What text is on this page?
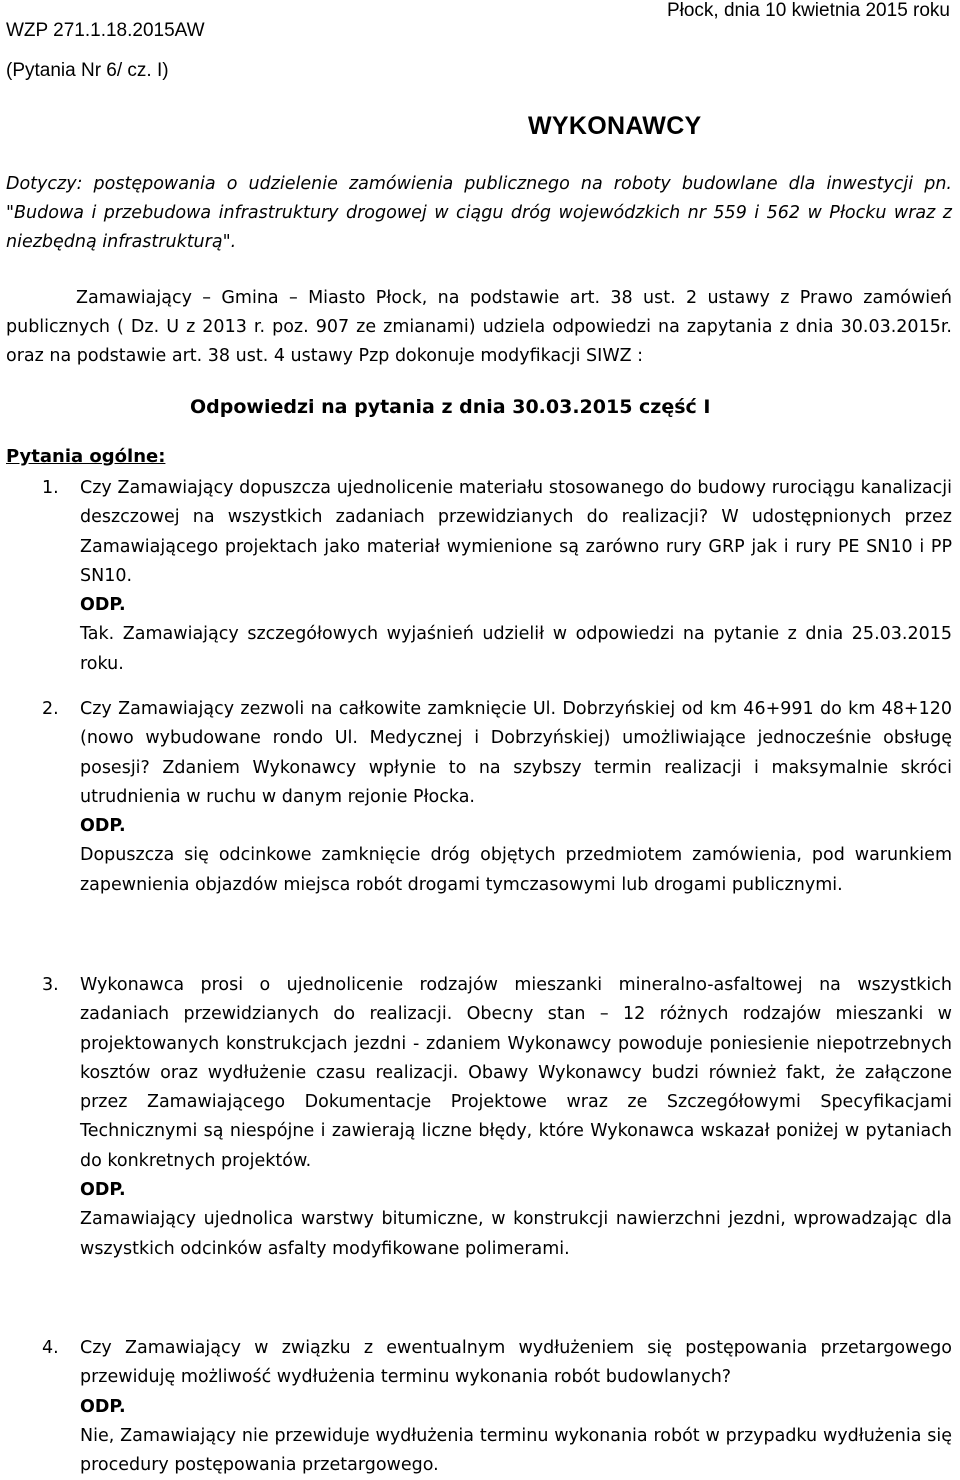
WZP 271.1.18.2015AW
(Pytania Nr 6/ cz. I)
Płock, dnia 10 kwietnia 2015 roku
WYKONAWCY
Dotyczy: postępowania o udzielenie zamówienia publicznego na roboty budowlane dla inwestycji pn. "Budowa i przebudowa infrastruktury drogowej w ciągu dróg wojewódzkich nr 559 i 562 w Płocku wraz z niezbędną infrastrukturą".
Zamawiający – Gmina – Miasto Płock, na podstawie art. 38 ust. 2 ustawy z Prawo zamówień publicznych ( Dz. U z 2013 r. poz. 907 ze zmianami) udziela odpowiedzi na zapytania z dnia 30.03.2015r. oraz na podstawie art. 38 ust. 4 ustawy Pzp dokonuje modyfikacji SIWZ :
Odpowiedzi na pytania z dnia 30.03.2015 część I
Pytania ogólne:
1. Czy Zamawiający dopuszcza ujednolicenie materiału stosowanego do budowy rurociągu kanalizacji deszczowej na wszystkich zadaniach przewidzianych do realizacji? W udostępnionych przez Zamawiającego projektach jako materiał wymienione są zarówno rury GRP jak i rury PE SN10 i PP SN10.

ODP.

Tak. Zamawiający szczegółowych wyjaśnień udzielił w odpowiedzi na pytanie z dnia 25.03.2015 roku.

2. Czy Zamawiający zezwoli na całkowite zamknięcie Ul. Dobrzyńskiej od km 46+991 do km 48+120 (nowo wybudowane rondo Ul. Medycznej i Dobrzyńskiej) umożliwiające jednocześnie obsługę posesji? Zdaniem Wykonawcy wpłynie to na szybszy termin realizacji i maksymalnie skróci utrudnienia w ruchu w danym rejonie Płocka.

ODP.

Dopuszcza się odcinkowe zamknięcie dróg objętych przedmiotem zamówienia, pod warunkiem zapewnienia objazdów miejsca robót drogami tymczasowymi lub drogami publicznymi.

3. Wykonawca prosi o ujednolicenie rodzajów mieszanki mineralno-asfaltowej na wszystkich zadaniach przewidzianych do realizacji. Obecny stan – 12 różnych rodzajów mieszanki w projektowanych konstrukcjach jezdni - zdaniem Wykonawcy powoduje poniesienie niepotrzebnych kosztów oraz wydłużenie czasu realizacji. Obawy Wykonawcy budzi również fakt, że załączone przez Zamawiającego Dokumentacje Projektowe wraz ze Szczegółowymi Specyfikacjami Technicznymi są niespójne i zawierają liczne błędy, które Wykonawca wskazał poniżej w pytaniach do konkretnych projektów.

ODP.

Zamawiający ujednolica warstwy bitumiczne, w konstrukcji nawierzchni jezdni, wprowadzając dla wszystkich odcinków asfalty modyfikowane polimerami.

4. Czy Zamawiający w związku z ewentualnym wydłużeniem się postępowania przetargowego przewiduję możliwość wydłużenia terminu wykonania robót budowlanych?

ODP.

Nie, Zamawiający nie przewiduje wydłużenia terminu wykonania robót w przypadku wydłużenia się procedury postępowania przetargowego.
